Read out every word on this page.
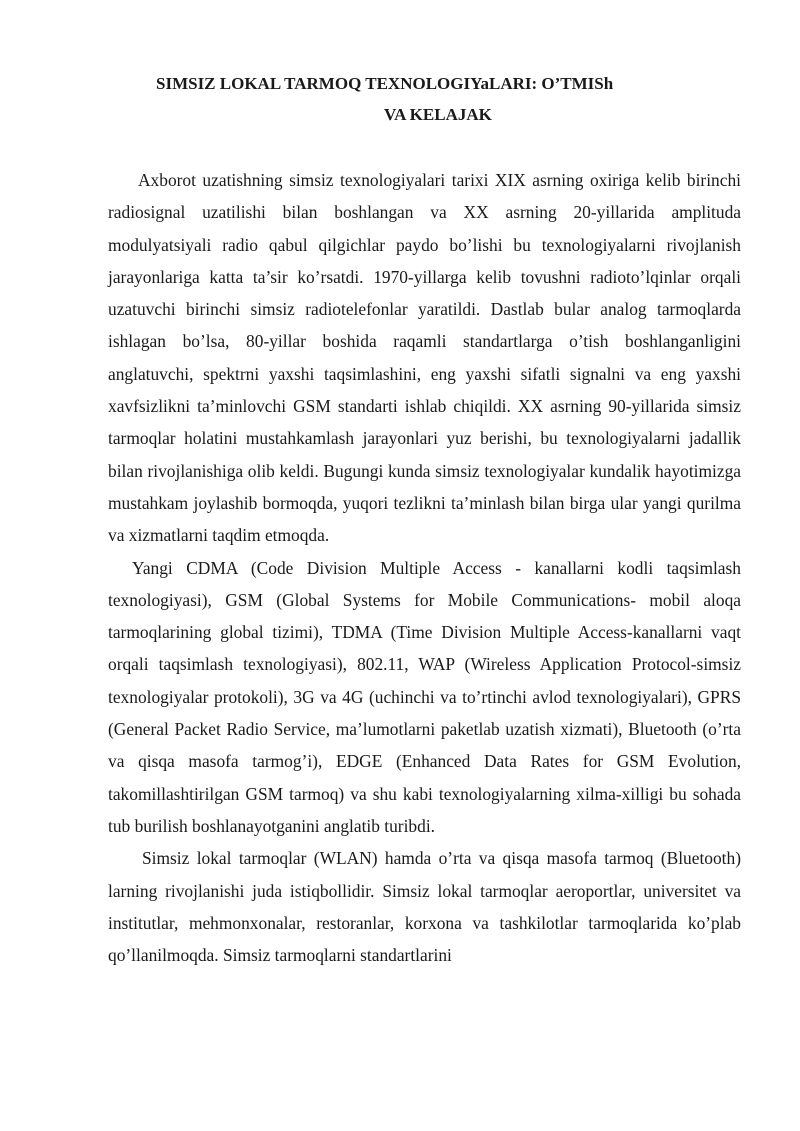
SIMSIZ LOKAL TARMOQ TEXNOLOGIYaLARI: O’TMISh
VA KELAJAK

Axborot uzatishning simsiz texnologiyalari tarixi XIX asrning oxiriga kelib birinchi radiosignal uzatilishi bilan boshlangan va XX asrning 20-yillarida amplituda modulyatsiyali radio qabul qilgichlar paydo bo’lishi bu texnologiyalarni rivojlanish jarayonlariga katta ta’sir ko’rsatdi. 1970-yillarga kelib tovushni radioto’lqinlar orqali uzatuvchi birinchi simsiz radiotelefonlar yaratildi. Dastlab bular analog tarmoqlarda ishlagan bo’lsa, 80-yillar boshida raqamli standartlarga o’tish boshlanganligini anglatuvchi, spektrni yaxshi taqsimlashini, eng yaxshi sifatli signalni va eng yaxshi xavfsizlikni ta’minlovchi GSM standarti ishlab chiqildi. XX asrning 90-yillarida simsiz tarmoqlar holatini mustahkamlash jarayonlari yuz berishi, bu texnologiyalarni jadallik bilan rivojlanishiga olib keldi. Bugungi kunda simsiz texnologiyalar kundalik hayotimizga mustahkam joylashib bormoqda, yuqori tezlikni ta’minlash bilan birga ular yangi qurilma va xizmatlarni taqdim etmoqda.

Yangi CDMA (Code Division Multiple Access - kanallarni kodli taqsimlash texnologiyasi), GSM (Global Systems for Mobile Communications- mobil aloqa tarmoqlarining global tizimi), TDMA (Time Division Multiple Access-kanallarni vaqt orqali taqsimlash texnologiyasi), 802.11, WAP (Wireless Application Protocol-simsiz texnologiyalar protokoli), 3G va 4G (uchinchi va to’rtinchi avlod texnologiyalari), GPRS (General Packet Radio Service, ma’lumotlarni paketlab uzatish xizmati), Bluetooth (o’rta va qisqa masofa tarmog’i), EDGE (Enhanced Data Rates for GSM Evolution, takomillashtirilgan GSM tarmoq) va shu kabi texnologiyalarning xilma-xilligi bu sohada tub burilish boshlanayotganini anglatib turibdi.

Simsiz lokal tarmoqlar (WLAN) hamda o’rta va qisqa masofa tarmoq (Bluetooth) larning rivojlanishi juda istiqbollidir. Simsiz lokal tarmoqlar aeroportlar, universitet va institutlar, mehmonxonalar, restoranlar, korxona va tashkilotlar tarmoqlarida ko’plab qo’llanilmoqda. Simsiz tarmoqlarni standartlarini
